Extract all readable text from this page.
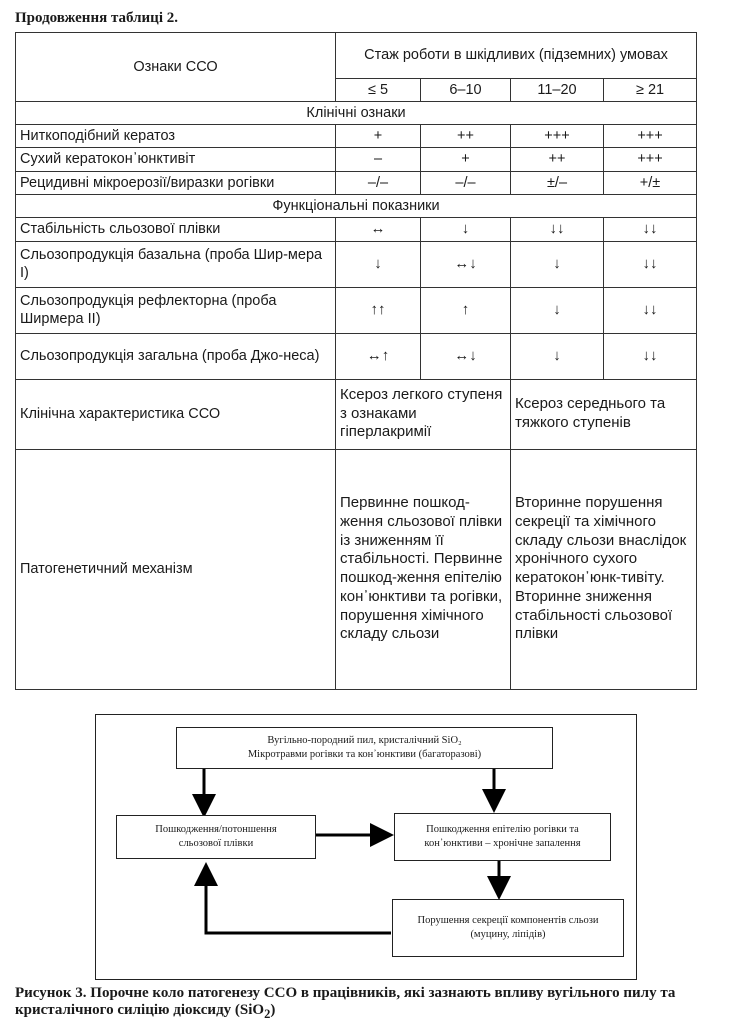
Продовження таблиці 2.
Ознаки ССО	Стаж роботи в шкідливих (підземних) умовах			
	≤ 5	6–10	11–20	≥ 21
Клінічні ознаки				
Ниткоподібний кератоз	+	++	+++	+++
Сухий кератокон᾽юнктивіт	–	+	++	+++
Рецидивні мікроерозії/виразки рогівки	–/–	–/–	±/–	+/±
Функціональні показники				
Стабільність сльозової плівки	↔	↓	↓↓	↓↓
Сльозопродукція базальна (проба Шир-мера I)	↓	↔↓	↓	↓↓
Сльозопродукція рефлекторна (проба Ширмера II)	↑↑	↑	↓	↓↓
Сльозопродукція загальна (проба Джо-неса)	↔↑	↔↓	↓	↓↓
Клінічна характеристика ССО	Ксероз легкого ступеня з ознаками гіперлакримії		Ксероз середнього та тяжкого ступенів	
Патогенетичний механізм	Первинне пошкод-ження сльозової плівки із зниженням її стабільності. Первинне пошкод-ження епітелію кон᾽юнктиви та рогівки, порушення хімічного складу сльози		Вторинне порушення секреції та хімічного складу сльози внаслідок хронічного сухого кератокон᾽юнк-тивіту. Вторинне зниження стабільності сльозової плівки	
Вугільно-породний пил, кристалічний SiO₂
Мікротравми рогівки та кон᾽юнктиви (багаторазові)
Пошкодження/потоншення
сльозової плівки
Пошкодження епітелію рогівки та
кон᾽юнктиви – хронічне запалення
Порушення секреції компонентів сльози
(муцину, ліпідів)
Рисунок 3. Порочне коло патогенезу ССО в працівників, які зазнають впливу вугільного пилу та кристалічного силіцію діоксиду (SiO$_2$)
